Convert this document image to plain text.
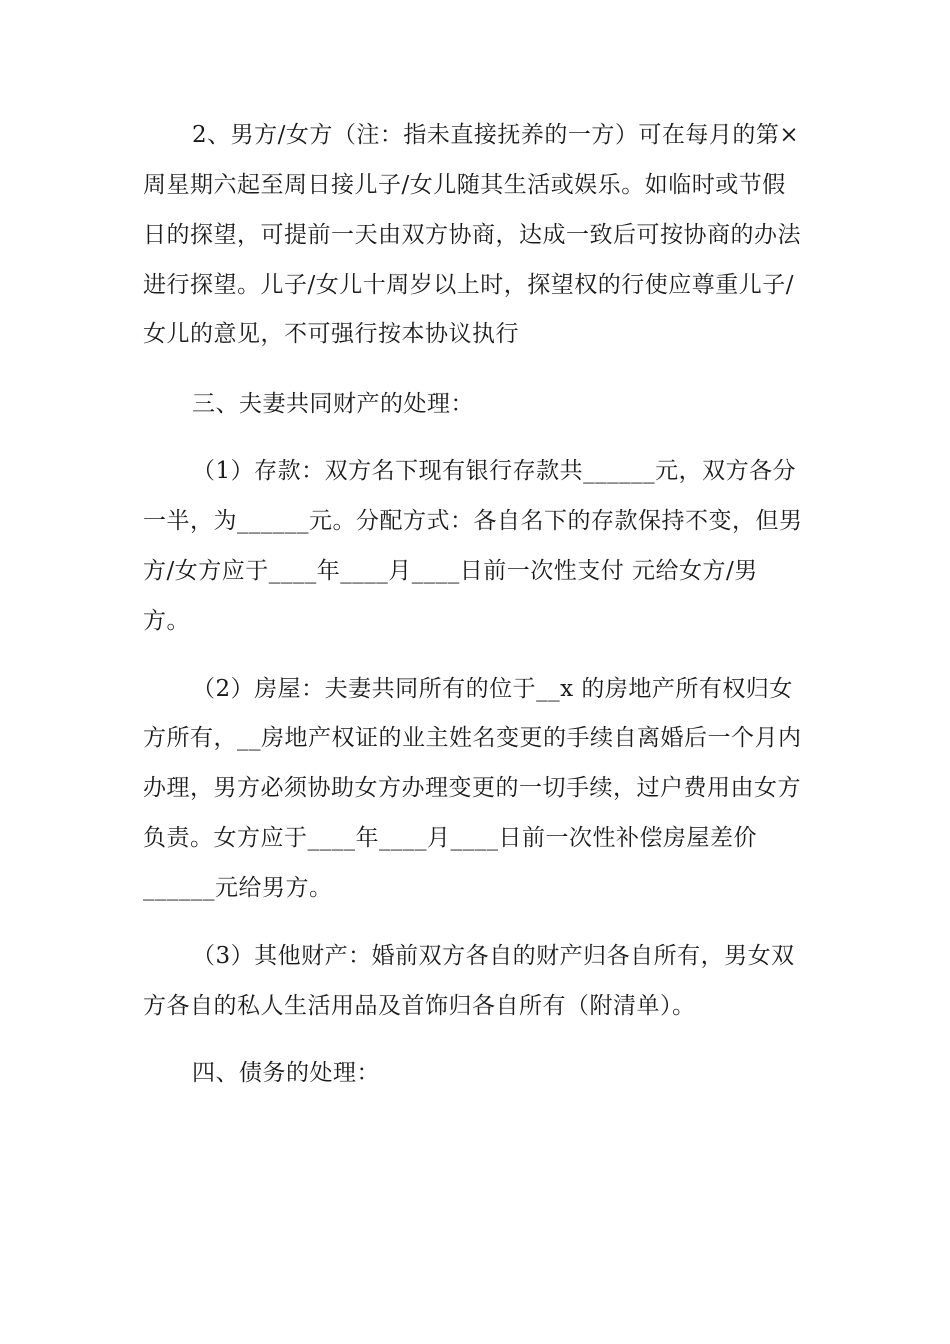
2、男方/女方（注：指未直接抚养的一方）可在每月的第×
周星期六起至周日接儿子/女儿随其生活或娱乐。如临时或节假
日的探望，可提前一天由双方协商，达成一致后可按协商的办法
进行探望。儿子/女儿十周岁以上时，探望权的行使应尊重儿子/
女儿的意见，不可强行按本协议执行
三、夫妻共同财产的处理：
（1）存款：双方名下现有银行存款共______元，双方各分
一半，为______元。分配方式：各自名下的存款保持不变，但男
方/女方应于____年____月____日前一次性支付 元给女方/男
方。
（2）房屋：夫妻共同所有的位于__x 的房地产所有权归女
方所有，__房地产权证的业主姓名变更的手续自离婚后一个月内
办理，男方必须协助女方办理变更的一切手续，过户费用由女方
负责。女方应于____年____月____日前一次性补偿房屋差价
______元给男方。
（3）其他财产：婚前双方各自的财产归各自所有，男女双
方各自的私人生活用品及首饰归各自所有（附清单）。
四、债务的处理：
